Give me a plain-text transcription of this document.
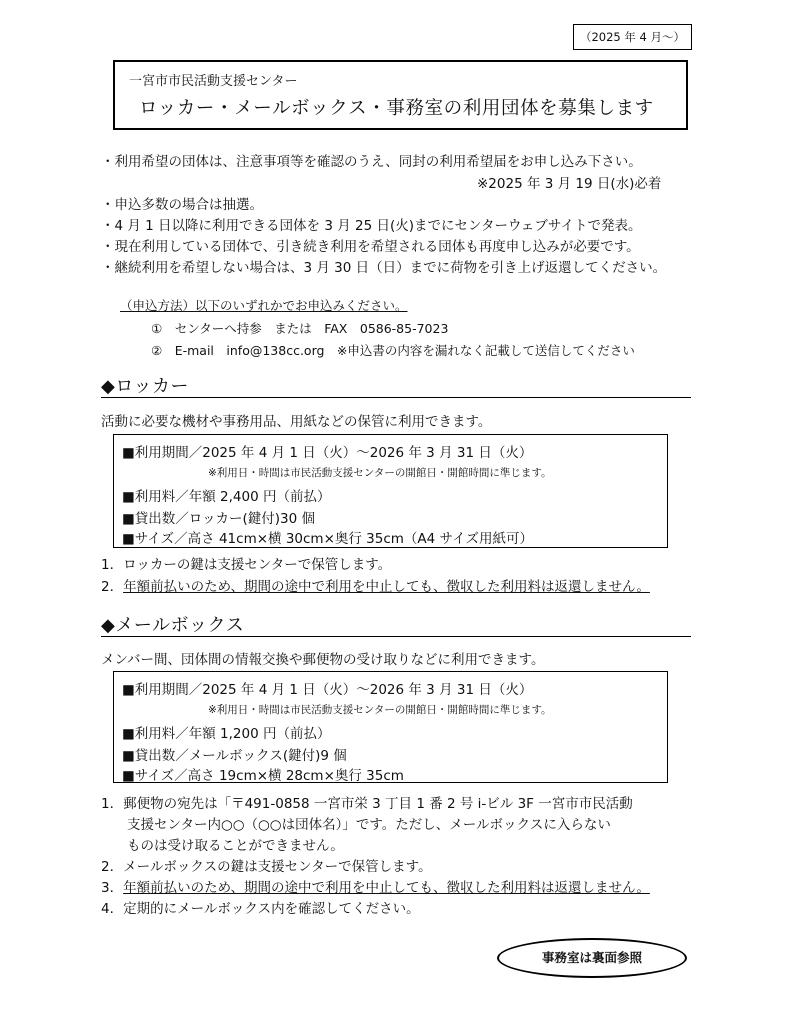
（2025 年 4 月～）
一宮市市民活動支援センター
ロッカー・メールボックス・事務室の利用団体を募集します
・利用希望の団体は、注意事項等を確認のうえ、同封の利用希望届をお申し込み下さい。
※2025 年 3 月 19 日(水)必着
・申込多数の場合は抽選。
・4 月 1 日以降に利用できる団体を 3 月 25 日(火)までにセンターウェブサイトで発表。
・現在利用している団体で、引き続き利用を希望される団体も再度申し込みが必要です。
・継続利用を希望しない場合は、3 月 30 日（日）までに荷物を引き上げ返還してください。
（申込方法）以下のいずれかでお申込みください。
①　センターへ持参　または　FAX　0586-85-7023
②　E-mail　info@138cc.org　※申込書の内容を漏れなく記載して送信してください
◆ロッカー
活動に必要な機材や事務用品、用紙などの保管に利用できます。
■利用期間／2025 年 4 月 1 日（火）～2026 年 3 月 31 日（火）
※利用日・時間は市民活動支援センターの開館日・開館時間に準じます。
■利用料／年額 2,400 円（前払）
■貸出数／ロッカー(鍵付)30 個
■サイズ／高さ 41cm×横 30cm×奥行 35cm（A4 サイズ用紙可）
1．ロッカーの鍵は支援センターで保管します。
2．年額前払いのため、期間の途中で利用を中止しても、徴収した利用料は返還しません。
◆メールボックス
メンバー間、団体間の情報交換や郵便物の受け取りなどに利用できます。
■利用期間／2025 年 4 月 1 日（火）～2026 年 3 月 31 日（火）
※利用日・時間は市民活動支援センターの開館日・開館時間に準じます。
■利用料／年額 1,200 円（前払）
■貸出数／メールボックス(鍵付)9 個
■サイズ／高さ 19cm×横 28cm×奥行 35cm
1．郵便物の宛先は「〒491-0858 一宮市栄 3 丁目 1 番 2 号 i-ビル 3F 一宮市市民活動
支援センター内○○（○○は団体名）」です。ただし、メールボックスに入らない
ものは受け取ることができません。
2．メールボックスの鍵は支援センターで保管します。
3．年額前払いのため、期間の途中で利用を中止しても、徴収した利用料は返還しません。
4．定期的にメールボックス内を確認してください。
事務室は裏面参照
